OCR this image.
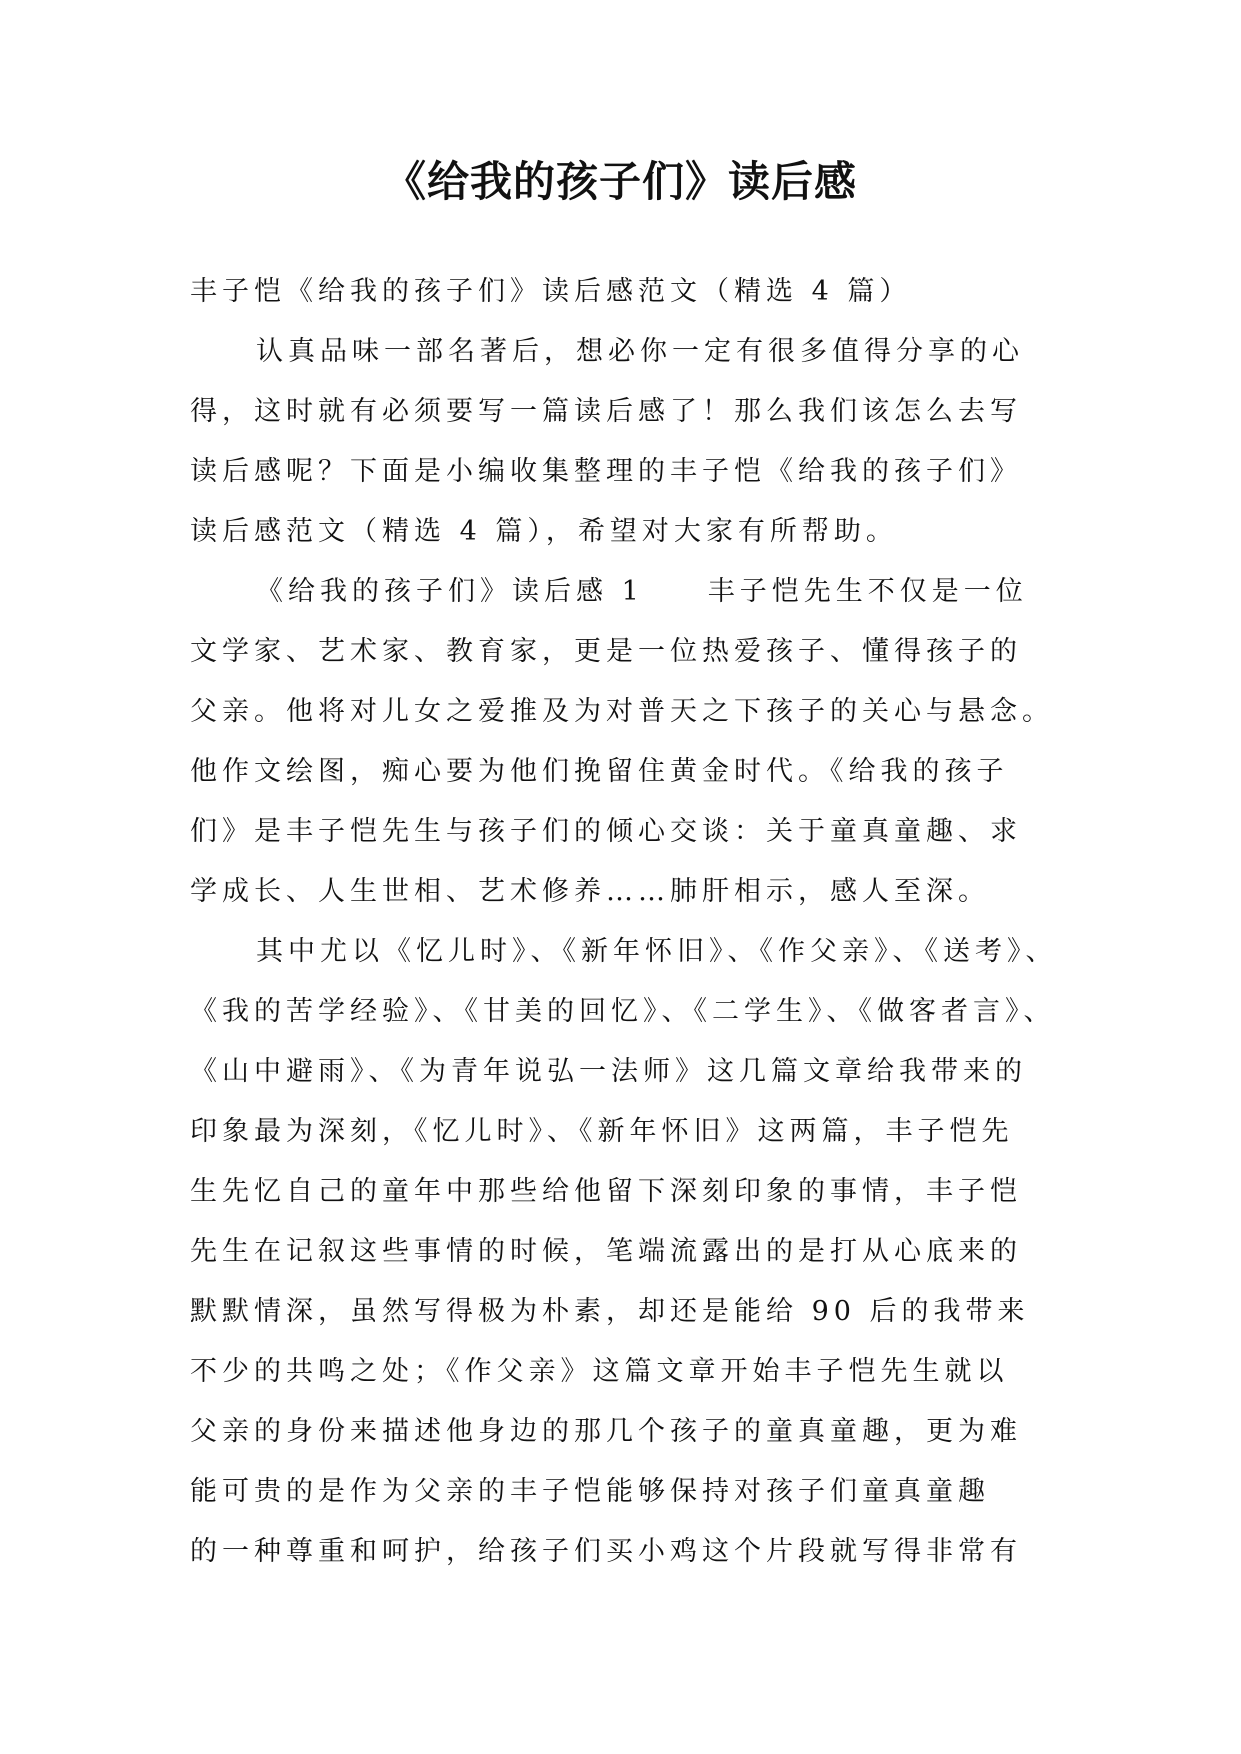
《给我的孩子们》读后感
丰子恺《给我的孩子们》读后感范文（精选 4 篇）
认真品味一部名著后，想必你一定有很多值得分享的心
得，这时就有必须要写一篇读后感了！那么我们该怎么去写
读后感呢？下面是小编收集整理的丰子恺《给我的孩子们》
读后感范文（精选 4 篇），希望对大家有所帮助。
《给我的孩子们》读后感 1　　丰子恺先生不仅是一位
文学家、艺术家、教育家，更是一位热爱孩子、懂得孩子的
父亲。他将对儿女之爱推及为对普天之下孩子的关心与悬念。
他作文绘图，痴心要为他们挽留住黄金时代。《给我的孩子
们》是丰子恺先生与孩子们的倾心交谈：关于童真童趣、求
学成长、人生世相、艺术修养……肺肝相示，感人至深。
其中尤以《忆儿时》、《新年怀旧》、《作父亲》、《送考》、
《我的苦学经验》、《甘美的回忆》、《二学生》、《做客者言》、
《山中避雨》、《为青年说弘一法师》这几篇文章给我带来的
印象最为深刻，《忆儿时》、《新年怀旧》这两篇，丰子恺先
生先忆自己的童年中那些给他留下深刻印象的事情，丰子恺
先生在记叙这些事情的时候，笔端流露出的是打从心底来的
默默情深，虽然写得极为朴素，却还是能给 90 后的我带来
不少的共鸣之处；《作父亲》这篇文章开始丰子恺先生就以
父亲的身份来描述他身边的那几个孩子的童真童趣，更为难
能可贵的是作为父亲的丰子恺能够保持对孩子们童真童趣
的一种尊重和呵护，给孩子们买小鸡这个片段就写得非常有
